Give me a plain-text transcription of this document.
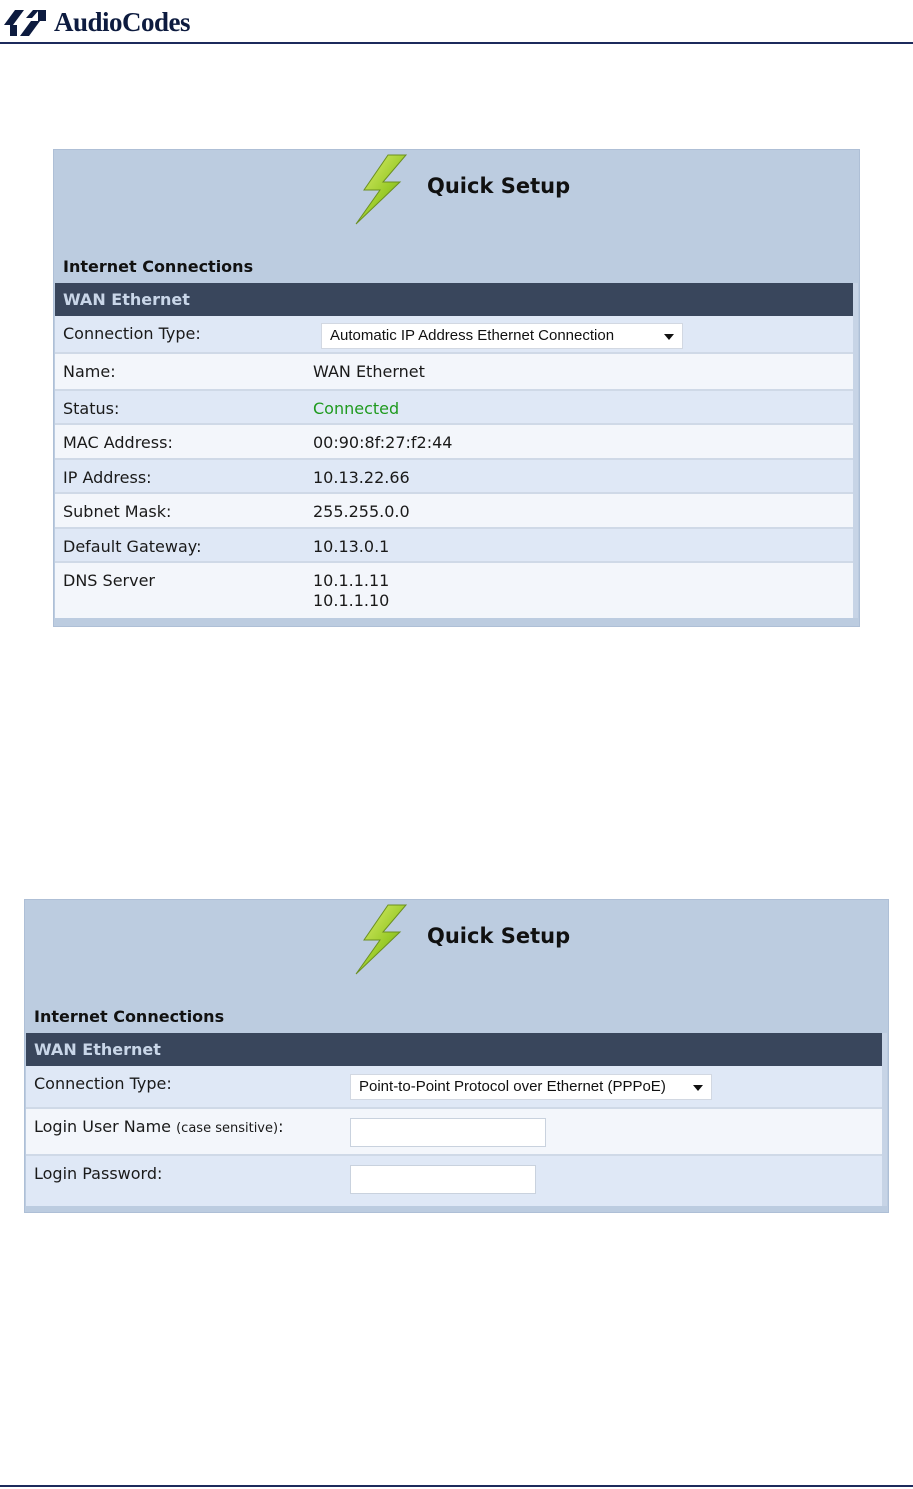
AudioCodes
Quick Setup
Internet Connections
WAN Ethernet
Connection Type:	Automatic IP Address Ethernet Connection
Name:	WAN Ethernet
Status:	Connected
MAC Address:	00:90:8f:27:f2:44
IP Address:	10.13.22.66
Subnet Mask:	255.255.0.0
Default Gateway:	10.13.0.1
DNS Server	10.1.1.11
10.1.1.10
Quick Setup
Internet Connections
WAN Ethernet
Connection Type:	Point-to-Point Protocol over Ethernet (PPPoE)
Login User Name (case sensitive):
Login Password:
